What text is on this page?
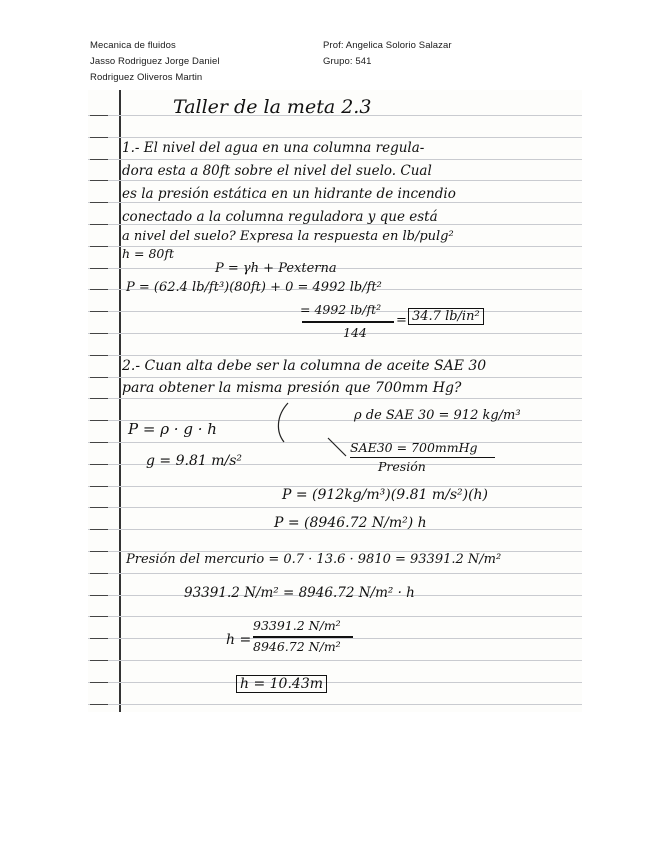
Mecanica de fluidos
Jasso Rodriguez Jorge Daniel
Rodriguez Oliveros Martin
Prof: Angelica Solorio Salazar
Grupo: 541
Taller de la meta 2.3
1.- El nivel del agua en una columna regula-
dora esta a 80ft sobre el nivel del suelo. Cual
es la presión estática en un hidrante de incendio
conectado a la columna reguladora y que está
a nivel del suelo? Expresa la respuesta en lb/pulg²
h = 80ft
P = γh + Pexterna
P = (62.4 lb/ft³)(80ft) + 0 = 4992 lb/ft²
= 4992 lb/ft²
144
= 34.7 lb/in²
2.- Cuan alta debe ser la columna de aceite SAE 30
para obtener la misma presión que 700mm Hg?
P = ρ · g · h
ρ de SAE 30 = 912 kg/m³
g = 9.81 m/s²
SAE30 = 700mmHg
Presión
P = (912kg/m³)(9.81 m/s²)(h)
P = (8946.72 N/m²) h
Presión del mercurio = 0.7 · 13.6 · 9810 = 93391.2 N/m²
93391.2 N/m² = 8946.72 N/m² · h
h =
93391.2 N/m²
8946.72 N/m²
h = 10.43m
